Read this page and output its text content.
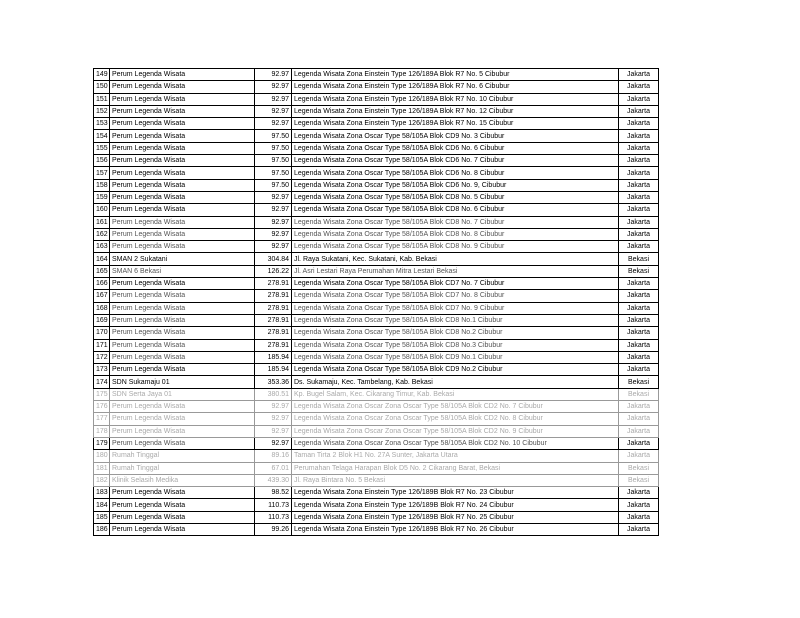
149	Perum Legenda Wisata	92.97	Legenda Wisata Zona Einstein Type 126/189A Blok R7 No. 5 Cibubur	Jakarta
150	Perum Legenda Wisata	92.97	Legenda Wisata Zona Einstein Type 126/189A Blok R7 No. 6 Cibubur	Jakarta
151	Perum Legenda Wisata	92.97	Legenda Wisata Zona Einstein Type 126/189A Blok R7 No. 10 Cibubur	Jakarta
152	Perum Legenda Wisata	92.97	Legenda Wisata Zona Einstein Type 126/189A Blok R7 No. 12 Cibubur	Jakarta
153	Perum Legenda Wisata	92.97	Legenda Wisata Zona Einstein Type 126/189A Blok R7 No. 15 Cibubur	Jakarta
154	Perum Legenda Wisata	97.50	Legenda Wisata Zona Oscar Type 58/105A Blok CD9 No. 3 Cibubur	Jakarta
155	Perum Legenda Wisata	97.50	Legenda Wisata Zona Oscar Type 58/105A Blok CD6 No. 6 Cibubur	Jakarta
156	Perum Legenda Wisata	97.50	Legenda Wisata Zona Oscar Type 58/105A Blok CD6 No. 7 Cibubur	Jakarta
157	Perum Legenda Wisata	97.50	Legenda Wisata Zona Oscar Type 58/105A Blok CD6 No. 8 Cibubur	Jakarta
158	Perum Legenda Wisata	97.50	Legenda Wisata Zona Oscar Type 58/105A Blok CD6 No. 9, Cibubur	Jakarta
159	Perum Legenda Wisata	92.97	Legenda Wisata Zona Oscar Type 58/105A Blok CD8 No. 5 Cibubur	Jakarta
160	Perum Legenda Wisata	92.97	Legenda Wisata Zona Oscar Type 58/105A Blok CD8 No. 6 Cibubur	Jakarta
161	Perum Legenda Wisata	92.97	Legenda Wisata Zona Oscar Type 58/105A Blok CD8 No. 7 Cibubur	Jakarta
162	Perum Legenda Wisata	92.97	Legenda Wisata Zona Oscar Type 58/105A Blok CD8 No. 8 Cibubur	Jakarta
163	Perum Legenda Wisata	92.97	Legenda Wisata Zona Oscar Type 58/105A Blok CD8 No. 9 Cibubur	Jakarta
164	SMAN 2 Sukatani	304.84	Jl. Raya Sukatani, Kec. Sukatani, Kab. Bekasi	Bekasi
165	SMAN 6 Bekasi	126.22	Jl. Asri Lestari Raya Perumahan Mitra Lestari Bekasi	Bekasi
166	Perum Legenda Wisata	278.91	Legenda Wisata Zona Oscar Type 58/105A Blok CD7 No. 7 Cibubur	Jakarta
167	Perum Legenda Wisata	278.91	Legenda Wisata Zona Oscar Type 58/105A Blok CD7 No. 8 Cibubur	Jakarta
168	Perum Legenda Wisata	278.91	Legenda Wisata Zona Oscar Type 58/105A Blok CD7 No. 9 Cibubur	Jakarta
169	Perum Legenda Wisata	278.91	Legenda Wisata Zona Oscar Type 58/105A Blok CD8 No.1 Cibubur	Jakarta
170	Perum Legenda Wisata	278.91	Legenda Wisata Zona Oscar Type 58/105A Blok CD8 No.2 Cibubur	Jakarta
171	Perum Legenda Wisata	278.91	Legenda Wisata Zona Oscar Type 58/105A Blok CD8 No.3 Cibubur	Jakarta
172	Perum Legenda Wisata	185.94	Legenda Wisata Zona Oscar Type 58/105A Blok CD9 No.1 Cibubur	Jakarta
173	Perum Legenda Wisata	185.94	Legenda Wisata Zona Oscar Type 58/105A Blok CD9 No.2 Cibubur	Jakarta
174	SDN Sukamaju 01	353.36	Ds. Sukamaju, Kec. Tambelang, Kab. Bekasi	Bekasi
175	SDN Serta Jaya 01	380.51	Kp. Bugel Salam, Kec. Cikarang Timur, Kab. Bekasi	Bekasi
176	Perum Legenda Wisata	92.97	Legenda Wisata Zona Oscar Zona Oscar Type 58/105A Blok CD2 No. 7 Cibubur	Jakarta
177	Perum Legenda Wisata	92.97	Legenda Wisata Zona Oscar Zona Oscar Type 58/105A Blok CD2 No. 8 Cibubur	Jakarta
178	Perum Legenda Wisata	92.97	Legenda Wisata Zona Oscar Zona Oscar Type 58/105A Blok CD2 No. 9 Cibubur	Jakarta
179	Perum Legenda Wisata	92.97	Legenda Wisata Zona Oscar Zona Oscar Type 58/105A Blok CD2 No. 10 Cibubur	Jakarta
180	Rumah Tinggal	89.16	Taman Tirta 2 Blok H1 No. 27A Sunter, Jakarta Utara	Jakarta
181	Rumah Tinggal	67.01	Perumahan Telaga Harapan Blok D5 No. 2 Cikarang Barat, Bekasi	Bekasi
182	Klinik Selasih Medika	439.30	Jl. Raya Bintara No. 5 Bekasi	Bekasi
183	Perum Legenda Wisata	98.52	Legenda Wisata Zona Einstein Type 126/189B Blok R7 No. 23 Cibubur	Jakarta
184	Perum Legenda Wisata	110.73	Legenda Wisata Zona Einstein Type 126/189B Blok R7 No. 24 Cibubur	Jakarta
185	Perum Legenda Wisata	110.73	Legenda Wisata Zona Einstein Type 126/189B Blok R7 No. 25 Cibubur	Jakarta
186	Perum Legenda Wisata	99.26	Legenda Wisata Zona Einstein Type 126/189B Blok R7 No. 26 Cibubur	Jakarta
